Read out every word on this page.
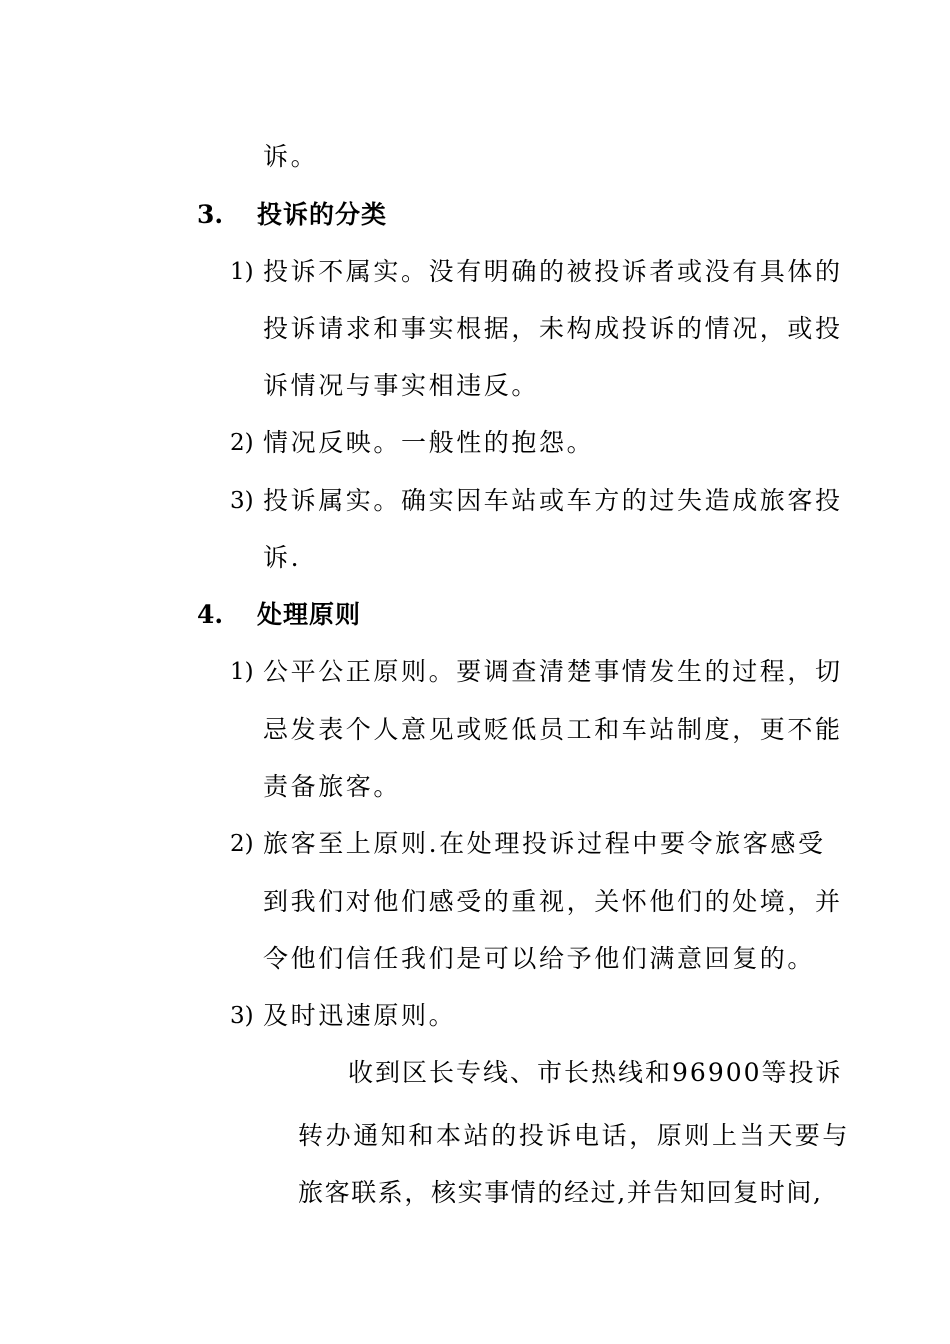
诉。
3. 投诉的分类
1) 投诉不属实。没有明确的被投诉者或没有具体的
投诉请求和事实根据，未构成投诉的情况，或投
诉情况与事实相违反。
2) 情况反映。一般性的抱怨。
3) 投诉属实。确实因车站或车方的过失造成旅客投
诉.
4. 处理原则
1) 公平公正原则。要调查清楚事情发生的过程，切
忌发表个人意见或贬低员工和车站制度，更不能
责备旅客。
2) 旅客至上原则.在处理投诉过程中要令旅客感受
到我们对他们感受的重视，关怀他们的处境，并
令他们信任我们是可以给予他们满意回复的。
3) 及时迅速原则。
收到区长专线、市长热线和96900等投诉
转办通知和本站的投诉电话，原则上当天要与
旅客联系，核实事情的经过,并告知回复时间,
